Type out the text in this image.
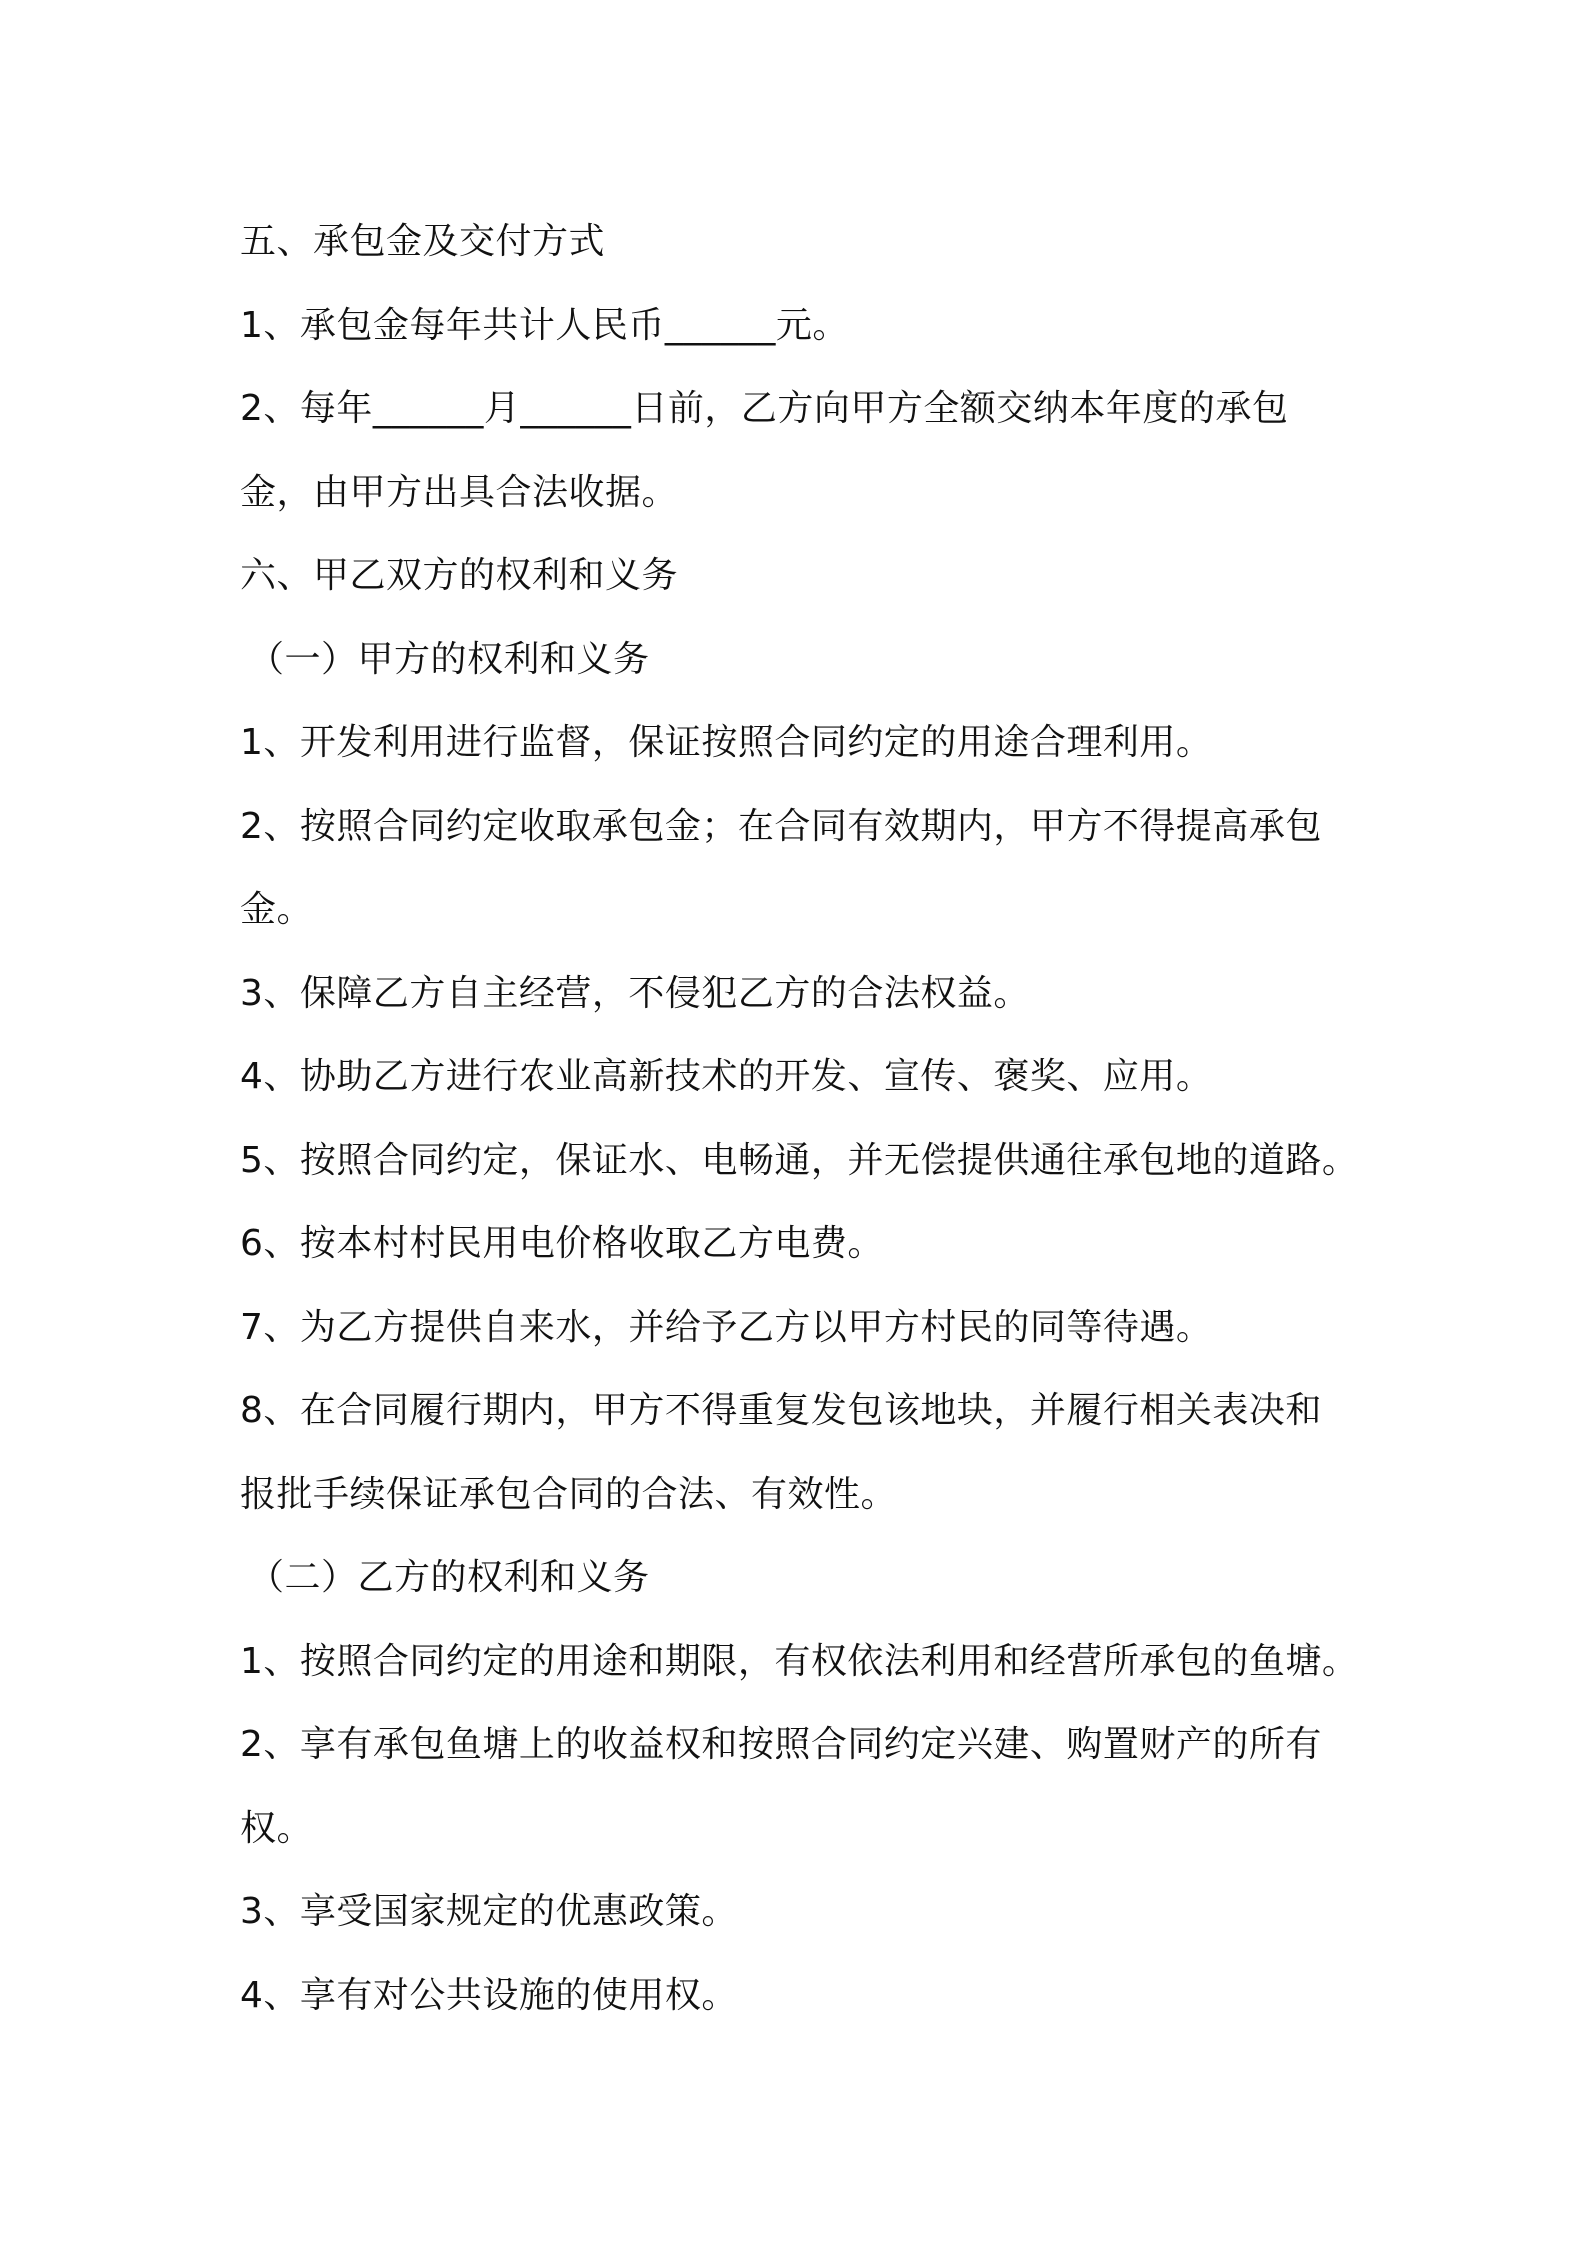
五、承包金及交付方式
1、承包金每年共计人民币______元。
2、每年______月______日前，乙方向甲方全额交纳本年度的承包
金，由甲方出具合法收据。
六、甲乙双方的权利和义务
（一）甲方的权利和义务
1、开发利用进行监督，保证按照合同约定的用途合理利用。
2、按照合同约定收取承包金；在合同有效期内，甲方不得提高承包
金。
3、保障乙方自主经营，不侵犯乙方的合法权益。
4、协助乙方进行农业高新技术的开发、宣传、褒奖、应用。
5、按照合同约定，保证水、电畅通，并无偿提供通往承包地的道路。
6、按本村村民用电价格收取乙方电费。
7、为乙方提供自来水，并给予乙方以甲方村民的同等待遇。
8、在合同履行期内，甲方不得重复发包该地块，并履行相关表决和
报批手续保证承包合同的合法、有效性。
（二）乙方的权利和义务
1、按照合同约定的用途和期限，有权依法利用和经营所承包的鱼塘。
2、享有承包鱼塘上的收益权和按照合同约定兴建、购置财产的所有
权。
3、享受国家规定的优惠政策。
4、享有对公共设施的使用权。
